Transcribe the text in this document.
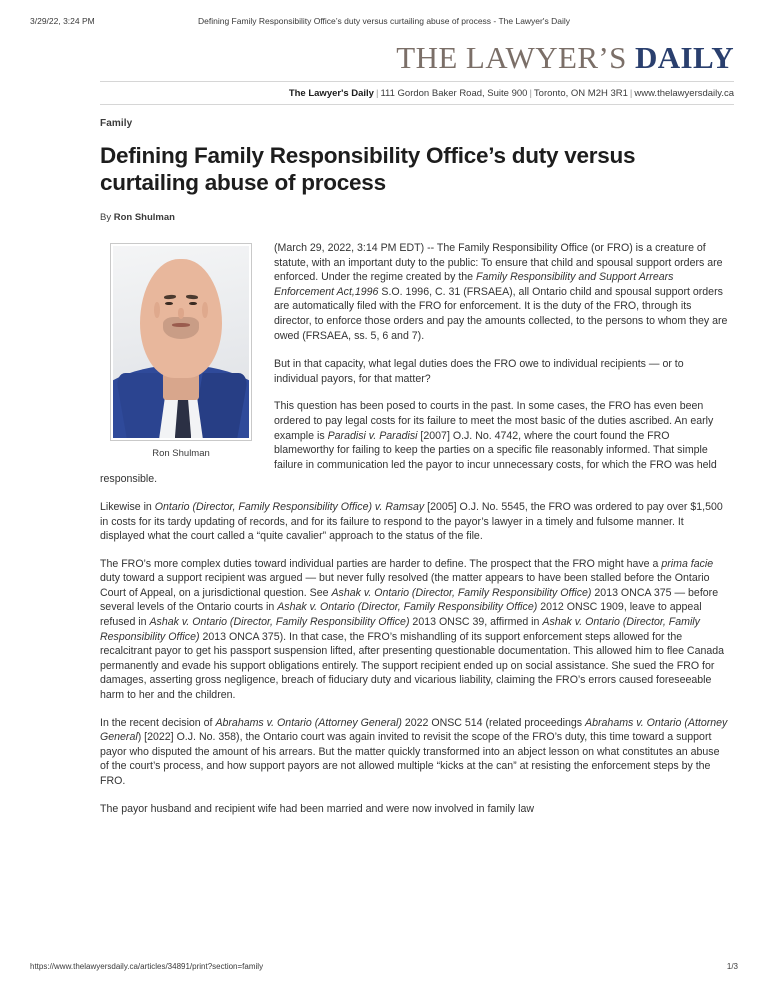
3/29/22, 3:24 PM	Defining Family Responsibility Office’s duty versus curtailing abuse of process - The Lawyer's Daily
THE LAWYER’S DAILY
The Lawyer's Daily | 111 Gordon Baker Road, Suite 900 | Toronto, ON M2H 3R1 | www.thelawyersdaily.ca
Family
Defining Family Responsibility Office’s duty versus curtailing abuse of process
By Ron Shulman
Ron Shulman

(March 29, 2022, 3:14 PM EDT) -- The Family Responsibility Office (or FRO) is a creature of statute, with an important duty to the public: To ensure that child and spousal support orders are enforced. Under the regime created by the Family Responsibility and Support Arrears Enforcement Act,1996 S.O. 1996, C. 31 (FRSAEA), all Ontario child and spousal support orders are automatically filed with the FRO for enforcement. It is the duty of the FRO, through its director, to enforce those orders and pay the amounts collected, to the persons to whom they are owed (FRSAEA, ss. 5, 6 and 7).

But in that capacity, what legal duties does the FRO owe to individual recipients — or to individual payors, for that matter?

This question has been posed to courts in the past. In some cases, the FRO has even been ordered to pay legal costs for its failure to meet the most basic of the duties ascribed. An early example is Paradisi v. Paradisi [2007] O.J. No. 4742, where the court found the FRO blameworthy for failing to keep the parties on a specific file reasonably informed. That simple failure in communication led the payor to incur unnecessary costs, for which the FRO was held responsible.

Likewise in Ontario (Director, Family Responsibility Office) v. Ramsay [2005] O.J. No. 5545, the FRO was ordered to pay over $1,500 in costs for its tardy updating of records, and for its failure to respond to the payor’s lawyer in a timely and fulsome manner. It displayed what the court called a “quite cavalier” approach to the status of the file.

The FRO’s more complex duties toward individual parties are harder to define. The prospect that the FRO might have a prima facie duty toward a support recipient was argued — but never fully resolved (the matter appears to have been stalled before the Ontario Court of Appeal, on a jurisdictional question. See Ashak v. Ontario (Director, Family Responsibility Office) 2013 ONCA 375 — before several levels of the Ontario courts in Ashak v. Ontario (Director, Family Responsibility Office) 2012 ONSC 1909, leave to appeal refused in Ashak v. Ontario (Director, Family Responsibility Office) 2013 ONSC 39, affirmed in Ashak v. Ontario (Director, Family Responsibility Office) 2013 ONCA 375). In that case, the FRO’s mishandling of its support enforcement steps allowed for the recalcitrant payor to get his passport suspension lifted, after presenting questionable documentation. This allowed him to flee Canada permanently and evade his support obligations entirely. The support recipient ended up on social assistance. She sued the FRO for damages, asserting gross negligence, breach of fiduciary duty and vicarious liability, claiming the FRO’s errors caused foreseeable harm to her and the children.

In the recent decision of Abrahams v. Ontario (Attorney General) 2022 ONSC 514 (related proceedings Abrahams v. Ontario (Attorney General) [2022] O.J. No. 358), the Ontario court was again invited to revisit the scope of the FRO’s duty, this time toward a support payor who disputed the amount of his arrears. But the matter quickly transformed into an abject lesson on what constitutes an abuse of the court’s process, and how support payors are not allowed multiple “kicks at the can” at resisting the enforcement steps by the FRO.

The payor husband and recipient wife had been married and were now involved in family law

https://www.thelawyersdaily.ca/articles/34891/print?section=family	1/3
